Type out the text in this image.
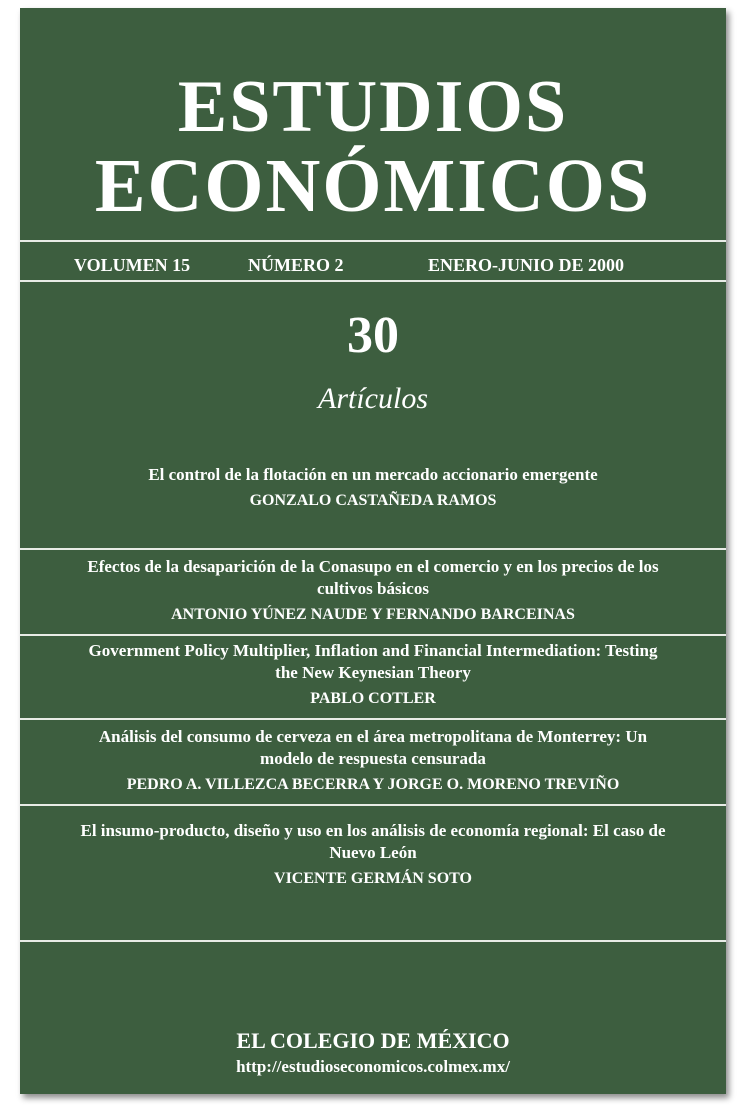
ESTUDIOS
ECONÓMICOS
VOLUMEN 15	NÚMERO 2	ENERO-JUNIO DE 2000
30
Artículos
El control de la flotación en un mercado accionario emergente
GONZALO CASTAÑEDA RAMOS
Efectos de la desaparición de la Conasupo en el comercio y en los precios de los cultivos básicos
ANTONIO YÚNEZ NAUDE Y FERNANDO BARCEINAS
Government Policy Multiplier, Inflation and Financial Intermediation: Testing the New Keynesian Theory
PABLO COTLER
Análisis del consumo de cerveza en el área metropolitana de Monterrey: Un modelo de respuesta censurada
PEDRO A. VILLEZCA BECERRA Y JORGE O. MORENO TREVIÑO
El insumo-producto, diseño y uso en los análisis de economía regional: El caso de Nuevo León
VICENTE GERMÁN SOTO
EL COLEGIO DE MÉXICO
http://estudioseconomicos.colmex.mx/
